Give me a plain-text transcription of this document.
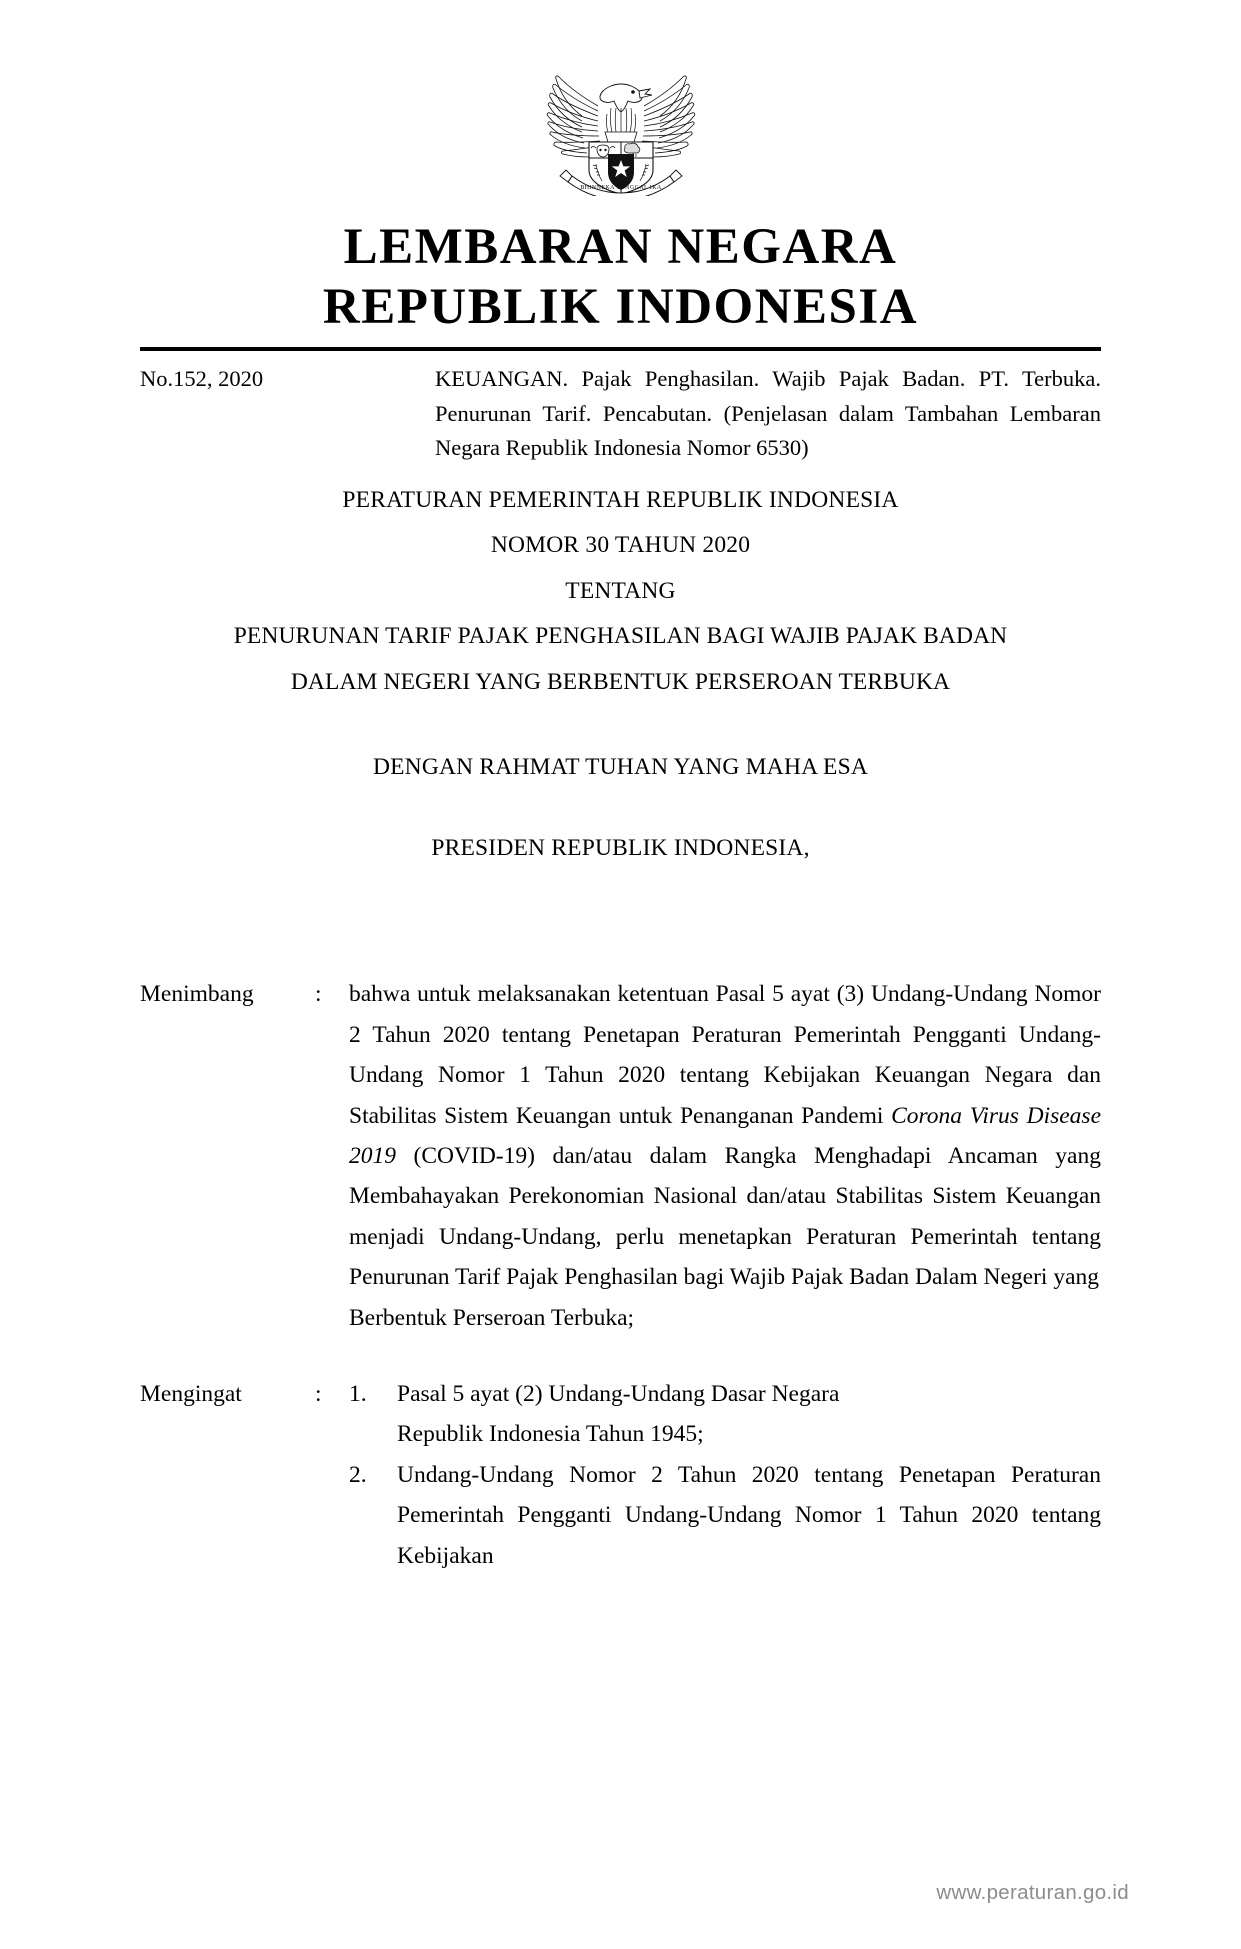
BHINNEKA TUNGGAL IKA
LEMBARAN NEGARA
REPUBLIK INDONESIA
No.152, 2020	KEUANGAN. Pajak Penghasilan. Wajib Pajak Badan. PT. Terbuka. Penurunan Tarif. Pencabutan. (Penjelasan dalam Tambahan Lembaran Negara Republik Indonesia Nomor 6530)
PERATURAN PEMERINTAH REPUBLIK INDONESIA
NOMOR 30 TAHUN 2020
TENTANG
PENURUNAN TARIF PAJAK PENGHASILAN BAGI WAJIB PAJAK BADAN
DALAM NEGERI YANG BERBENTUK PERSEROAN TERBUKA
DENGAN RAHMAT TUHAN YANG MAHA ESA
PRESIDEN REPUBLIK INDONESIA,
Menimbang	:	bahwa untuk melaksanakan ketentuan Pasal 5 ayat (3) Undang-Undang Nomor 2 Tahun 2020 tentang Penetapan Peraturan Pemerintah Pengganti Undang-Undang Nomor 1 Tahun 2020 tentang Kebijakan Keuangan Negara dan Stabilitas Sistem Keuangan untuk Penanganan Pandemi Corona Virus Disease 2019 (COVID-19) dan/atau dalam Rangka Menghadapi Ancaman yang Membahayakan Perekonomian Nasional dan/atau Stabilitas Sistem Keuangan menjadi Undang-Undang, perlu menetapkan Peraturan Pemerintah tentang Penurunan Tarif Pajak Penghasilan bagi Wajib Pajak Badan Dalam Negeri yang
Berbentuk Perseroan Terbuka;
Mengingat	:	1.	Pasal 5 ayat (2) Undang-Undang Dasar Negara
Republik Indonesia Tahun 1945;
2.	Undang-Undang Nomor 2 Tahun 2020 tentang Penetapan Peraturan Pemerintah Pengganti Undang-Undang Nomor 1 Tahun 2020 tentang Kebijakan
www.peraturan.go.id
